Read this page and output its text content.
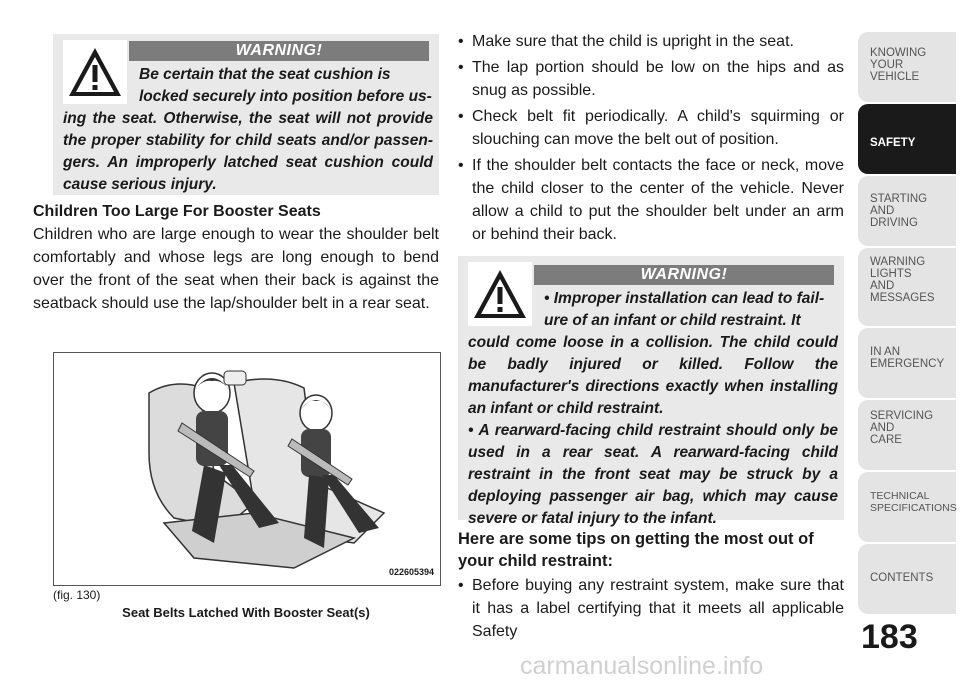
WARNING!

Be certain that the seat cushion is

locked securely into position before us-

ing the seat. Otherwise, the seat will not provide the proper stability for child seats and/or passen-gers. An improperly latched seat cushion could cause serious injury.

Children Too Large For Booster Seats
Children who are large enough to wear the shoulder belt comfortably and whose legs are long enough to bend over the front of the seat when their back is against the seatback should use the lap/shoulder belt in a rear seat.
022605394
(fig. 130)
Seat Belts Latched With Booster Seat(s)
• Make sure that the child is upright in the seat.
• The lap portion should be low on the hips and as snug as possible.
• Check belt fit periodically. A child's squirming or slouching can move the belt out of position.
• If the shoulder belt contacts the face or neck, move the child closer to the center of the vehicle. Never allow a child to put the shoulder belt under an arm or behind their back.
WARNING!

• Improper installation can lead to fail-

ure of an infant or child restraint. It

could come loose in a collision. The child could be badly injured or killed. Follow the manufacturer's directions exactly when installing an infant or child restraint.

• A rearward-facing child restraint should only be used in a rear seat. A rearward-facing child restraint in the front seat may be struck by a deploying passenger air bag, which may cause severe or fatal injury to the infant.

Here are some tips on getting the most out of your child restraint:
• Before buying any restraint system, make sure that it has a label certifying that it meets all applicable Safety
KNOWING
YOUR
VEHICLE
SAFETY
STARTING
AND
DRIVING
WARNING
LIGHTS
AND
MESSAGES
IN AN
EMERGENCY
SERVICING
AND
CARE
TECHNICAL
SPECIFICATIONS
CONTENTS
183
carmanualsonline.info
